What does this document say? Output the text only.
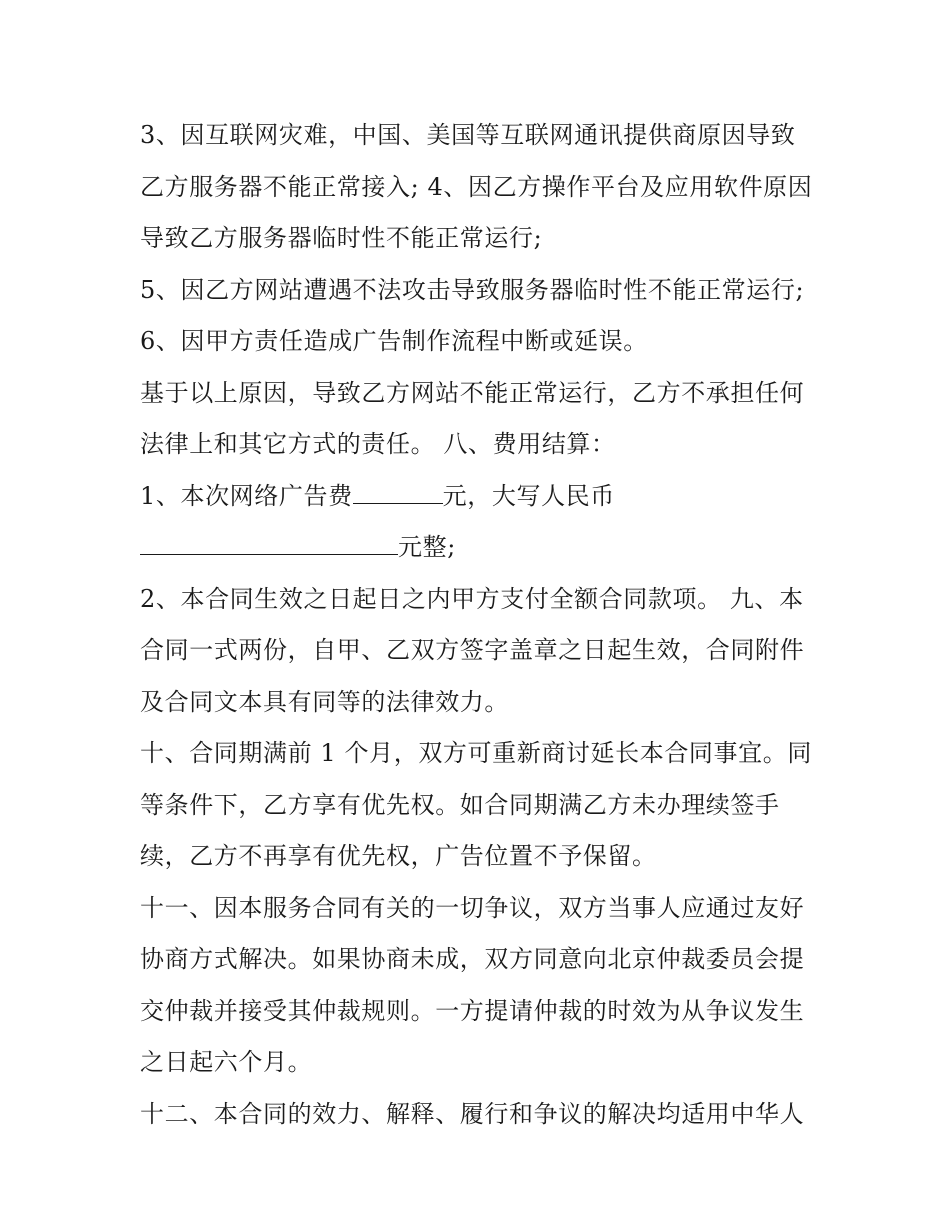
3、因互联网灾难，中国、美国等互联网通讯提供商原因导致
乙方服务器不能正常接入; 4、因乙方操作平台及应用软件原因
导致乙方服务器临时性不能正常运行;
5、因乙方网站遭遇不法攻击导致服务器临时性不能正常运行;
6、因甲方责任造成广告制作流程中断或延误。
基于以上原因，导致乙方网站不能正常运行，乙方不承担任何
法律上和其它方式的责任。 八、费用结算：
1、本次网络广告费	元，大写人民币
元整;
2、本合同生效之日起日之内甲方支付全额合同款项。 九、本
合同一式两份，自甲、乙双方签字盖章之日起生效，合同附件
及合同文本具有同等的法律效力。
十、合同期满前 1 个月，双方可重新商讨延长本合同事宜。同
等条件下，乙方享有优先权。如合同期满乙方未办理续签手
续，乙方不再享有优先权，广告位置不予保留。
十一、因本服务合同有关的一切争议，双方当事人应通过友好
协商方式解决。如果协商未成，双方同意向北京仲裁委员会提
交仲裁并接受其仲裁规则。一方提请仲裁的时效为从争议发生
之日起六个月。
十二、本合同的效力、解释、履行和争议的解决均适用中华人
